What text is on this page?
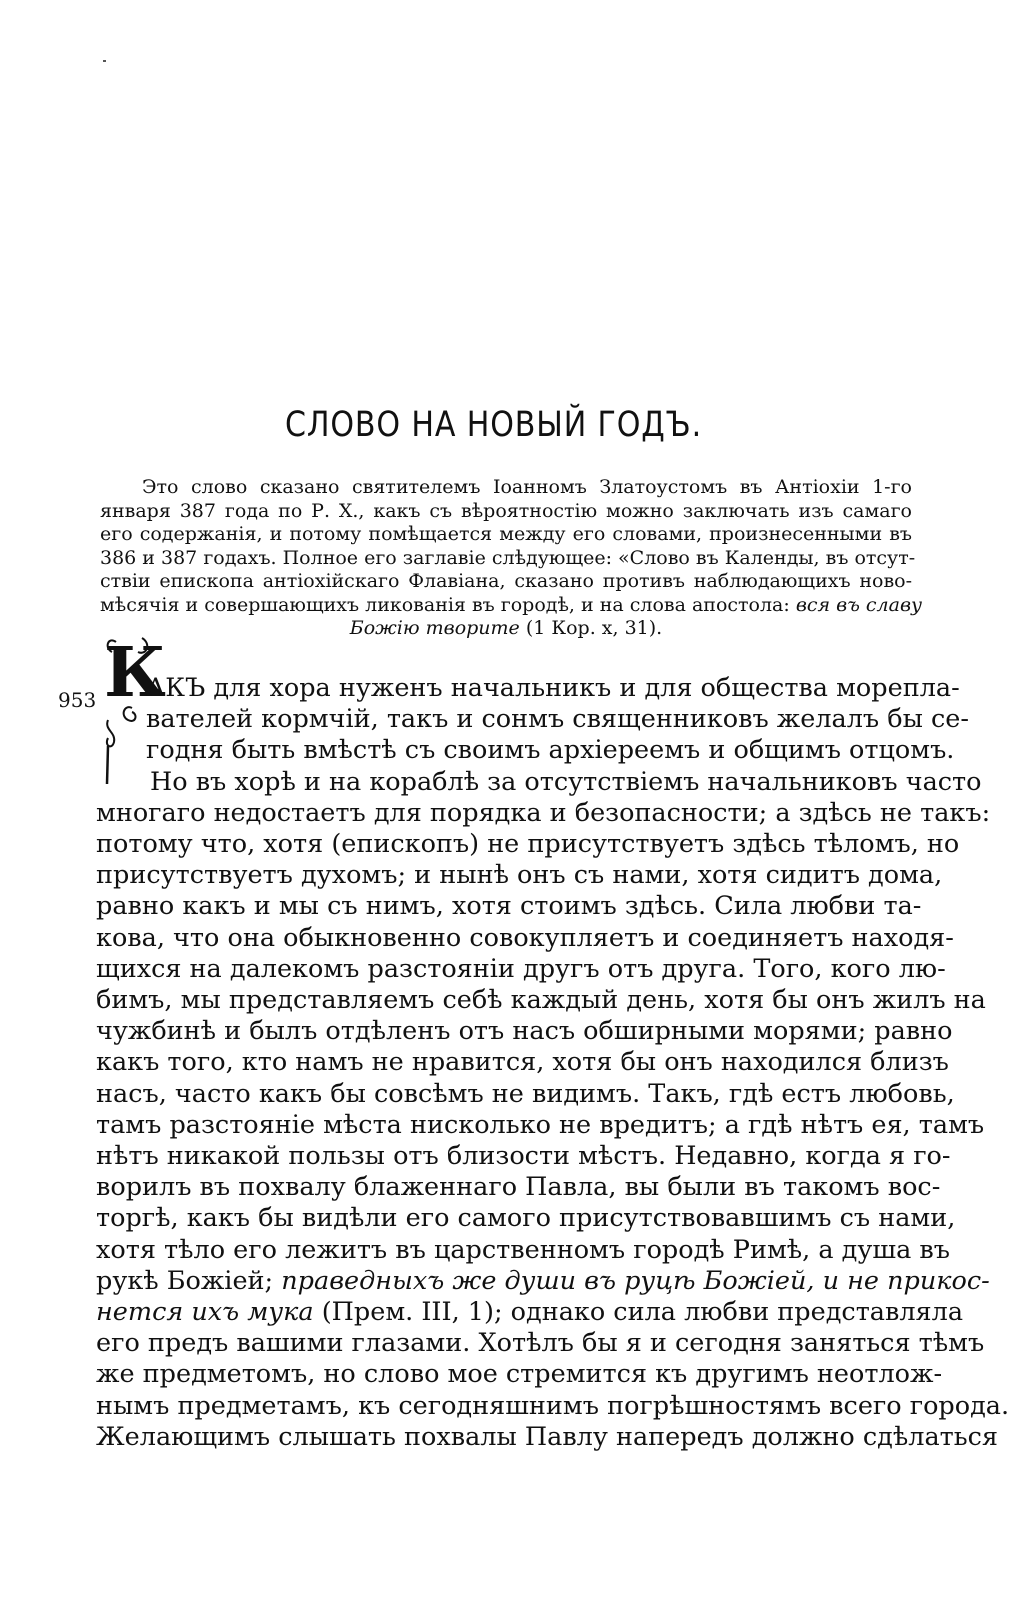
СЛОВО НА НОВЫЙ ГОДЪ.
Это слово сказано святителемъ Іоанномъ Златоустомъ въ Антіохіи 1-го
января 387 года по Р. Х., какъ съ вѣроятностію можно заключать изъ самаго
его содержанія, и потому помѣщается между его словами, произнесенными въ
386 и 387 годахъ. Полное его заглавіе слѣдующее: «Слово въ Календы, въ отсут-
ствіи епископа антіохійскаго Флавіана, сказано противъ наблюдающихъ ново-
мѣсячія и совершающихъ ликованія въ городѣ, и на слова апостола: вся въ славу
Божію творите (1 Кор. x, 31).
953 К
АКЪ для хора нуженъ начальникъ и для общества морепла-
вателей кормчій, такъ и сонмъ священниковъ желалъ бы се-
годня быть вмѣстѣ съ своимъ архіереемъ и общимъ отцомъ.
Но въ хорѣ и на кораблѣ за отсутствіемъ начальниковъ часто
многаго недостаетъ для порядка и безопасности; а здѣсь не такъ:
потому что, хотя (епископъ) не присутствуетъ здѣсь тѣломъ, но
присутствуетъ духомъ; и нынѣ онъ съ нами, хотя сидитъ дома,
равно какъ и мы съ нимъ, хотя стоимъ здѣсь. Сила любви та-
кова, что она обыкновенно совокупляетъ и соединяетъ находя-
щихся на далекомъ разстояніи другъ отъ друга. Того, кого лю-
бимъ, мы представляемъ себѣ каждый день, хотя бы онъ жилъ на
чужбинѣ и былъ отдѣленъ отъ насъ обширными морями; равно
какъ того, кто намъ не нравится, хотя бы онъ находился близъ
насъ, часто какъ бы совсѣмъ не видимъ. Такъ, гдѣ естъ любовь,
тамъ разстояніе мѣста нисколько не вредитъ; а гдѣ нѣтъ ея, тамъ
нѣтъ никакой пользы отъ близости мѣстъ. Недавно, когда я го-
ворилъ въ похвалу блаженнаго Павла, вы были въ такомъ вос-
торгѣ, какъ бы видѣли его самого присутствовавшимъ съ нами,
хотя тѣло его лежитъ въ царственномъ городѣ Римѣ, а душа въ
рукѣ Божіей; праведныхъ же души въ руцѣ Божіей, и не прикос-
нется ихъ мука (Прем. III, 1); однако сила любви представляла
его предъ вашими глазами. Хотѣлъ бы я и сегодня заняться тѣмъ
же предметомъ, но слово мое стремится къ другимъ неотлож-
нымъ предметамъ, къ сегодняшнимъ погрѣшностямъ всего города.
Желающимъ слышать похвалы Павлу напередъ должно сдѣлаться
